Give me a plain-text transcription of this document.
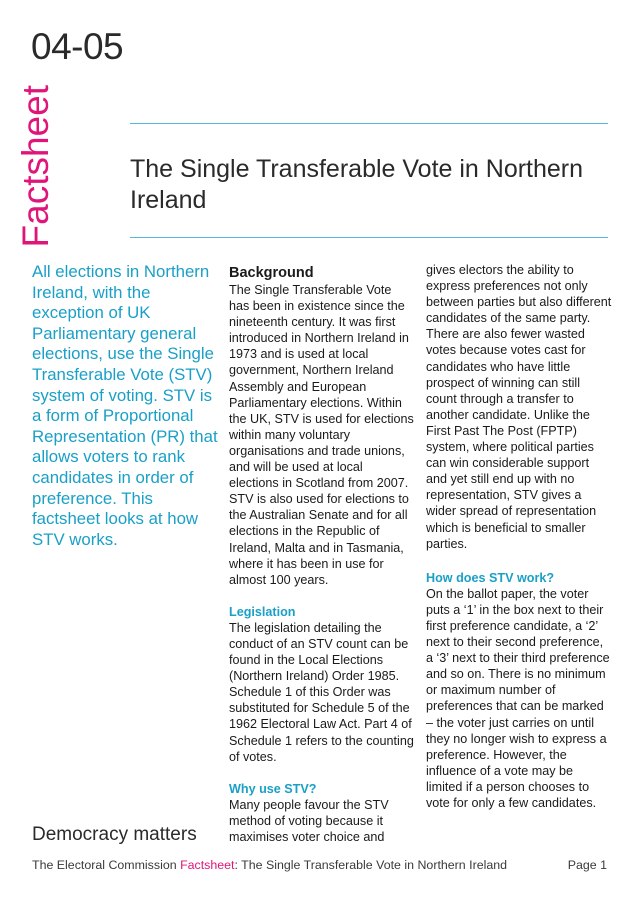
04-05
Factsheet	The Single Transferable Vote in Northern Ireland
All elections in Northern Ireland, with the exception of UK Parliamentary general elections, use the Single Transferable Vote (STV) system of voting. STV is a form of Proportional Representation (PR) that allows voters to rank candidates in order of preference. This factsheet looks at how STV works.
Background

The Single Transferable Vote has been in existence since the nineteenth century. It was first introduced in Northern Ireland in 1973 and is used at local government, Northern Ireland Assembly and European Parliamentary elections. Within the UK, STV is used for elections within many voluntary organisations and trade unions, and will be used at local elections in Scotland from 2007. STV is also used for elections to the Australian Senate and for all elections in the Republic of Ireland, Malta and in Tasmania, where it has been in use for almost 100 years.

Legislation

The legislation detailing the conduct of an STV count can be found in the Local Elections (Northern Ireland) Order 1985. Schedule 1 of this Order was substituted for Schedule 5 of the 1962 Electoral Law Act. Part 4 of Schedule 1 refers to the counting of votes.

Why use STV?

Many people favour the STV method of voting because it maximises voter choice and

gives electors the ability to express preferences not only between parties but also different candidates of the same party. There are also fewer wasted votes because votes cast for candidates who have little prospect of winning can still count through a transfer to another candidate. Unlike the First Past The Post (FPTP) system, where political parties can win considerable support and yet still end up with no representation, STV gives a wider spread of representation which is beneficial to smaller parties.

How does STV work?

On the ballot paper, the voter puts a ‘1’ in the box next to their first preference candidate, a ‘2’ next to their second preference, a ‘3’ next to their third preference and so on. There is no minimum or maximum number of preferences that can be marked – the voter just carries on until they no longer wish to express a preference. However, the influence of a vote may be limited if a person chooses to vote for only a few candidates.

Democracy matters
The Electoral Commission Factsheet: The Single Transferable Vote in Northern Ireland	Page 1
